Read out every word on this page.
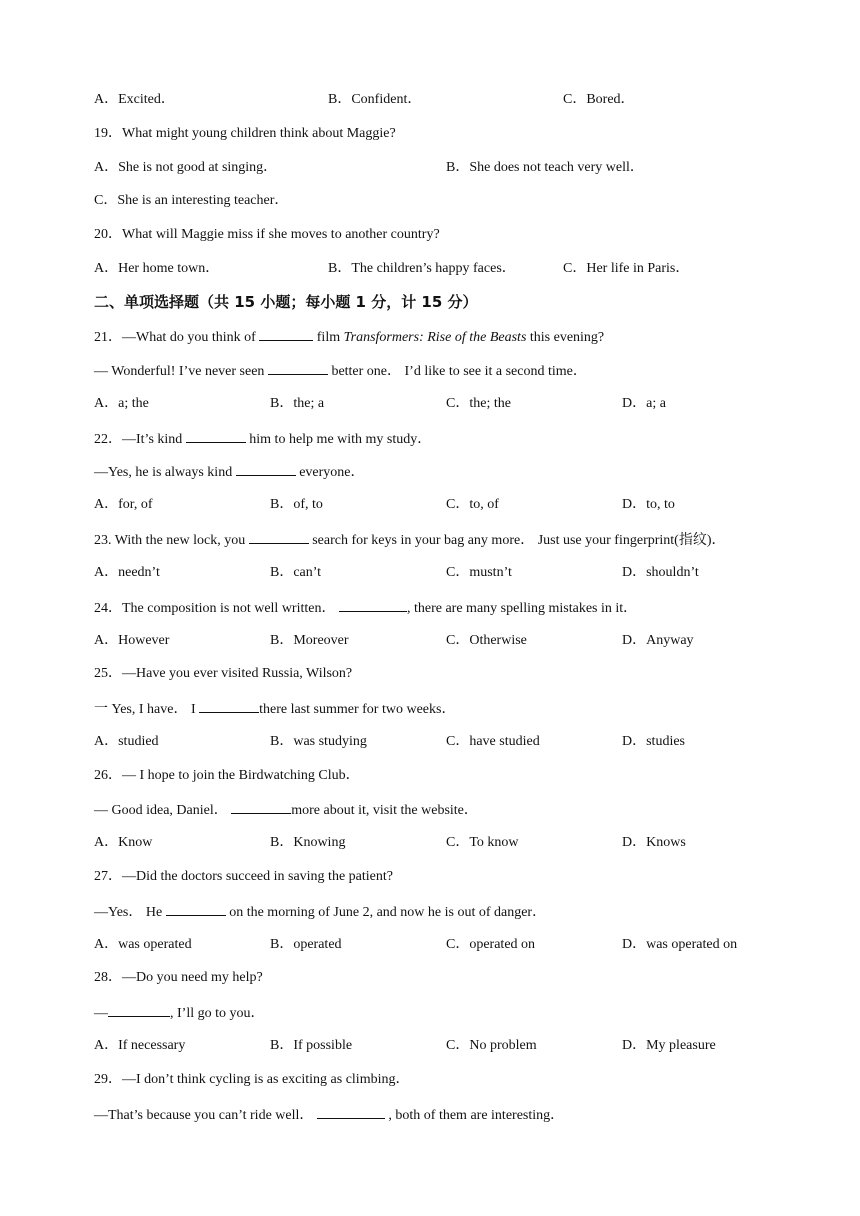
A．Excited．	B．Confident．	C．Bored．
19．What might young children think about Maggie?
A．She is not good at singing．	B．She does not teach very well．
C．She is an interesting teacher．
20．What will Maggie miss if she moves to another country?
A．Her home town．	B．The children’s happy faces．	C．Her life in Paris．
二、单项选择题（共 15 小题；每小题 1 分，计 15 分）
21．—What do you think of	film Transformers: Rise of the Beasts this evening?
— Wonderful! I’ve never seen	better one． I’d like to see it a second time．
A．a; the	B．the; a	C．the; the	D．a; a
22．—It’s kind	him to help me with my study．
—Yes, he is always kind	everyone．
A．for, of	B．of, to	C．to, of	D．to, to
23. With the new lock, you	search for keys in your bag any more． Just use your fingerprint(指纹)．
A．needn’t	B．can’t	C．mustn’t	D．shouldn’t
24．The composition is not well written．	, there are many spelling mistakes in it．
A．However	B．Moreover	C．Otherwise	D．Anyway
25．—Have you ever visited Russia, Wilson?
一 Yes, I have． I	there last summer for two weeks．
A．studied	B．was studying	C．have studied	D．studies
26．— I hope to join the Birdwatching Club．
— Good idea, Daniel．	more about it, visit the website．
A．Know	B．Knowing	C．To know	D．Knows
27．—Did the doctors succeed in saving the patient?
—Yes． He	on the morning of June 2, and now he is out of danger．
A．was operated	B．operated	C．operated on	D．was operated on
28．—Do you need my help?
—	, I’ll go to you．
A．If necessary	B．If possible	C．No problem	D．My pleasure
29．—I don’t think cycling is as exciting as climbing．
—That’s because you can’t ride well．	, both of them are interesting．
